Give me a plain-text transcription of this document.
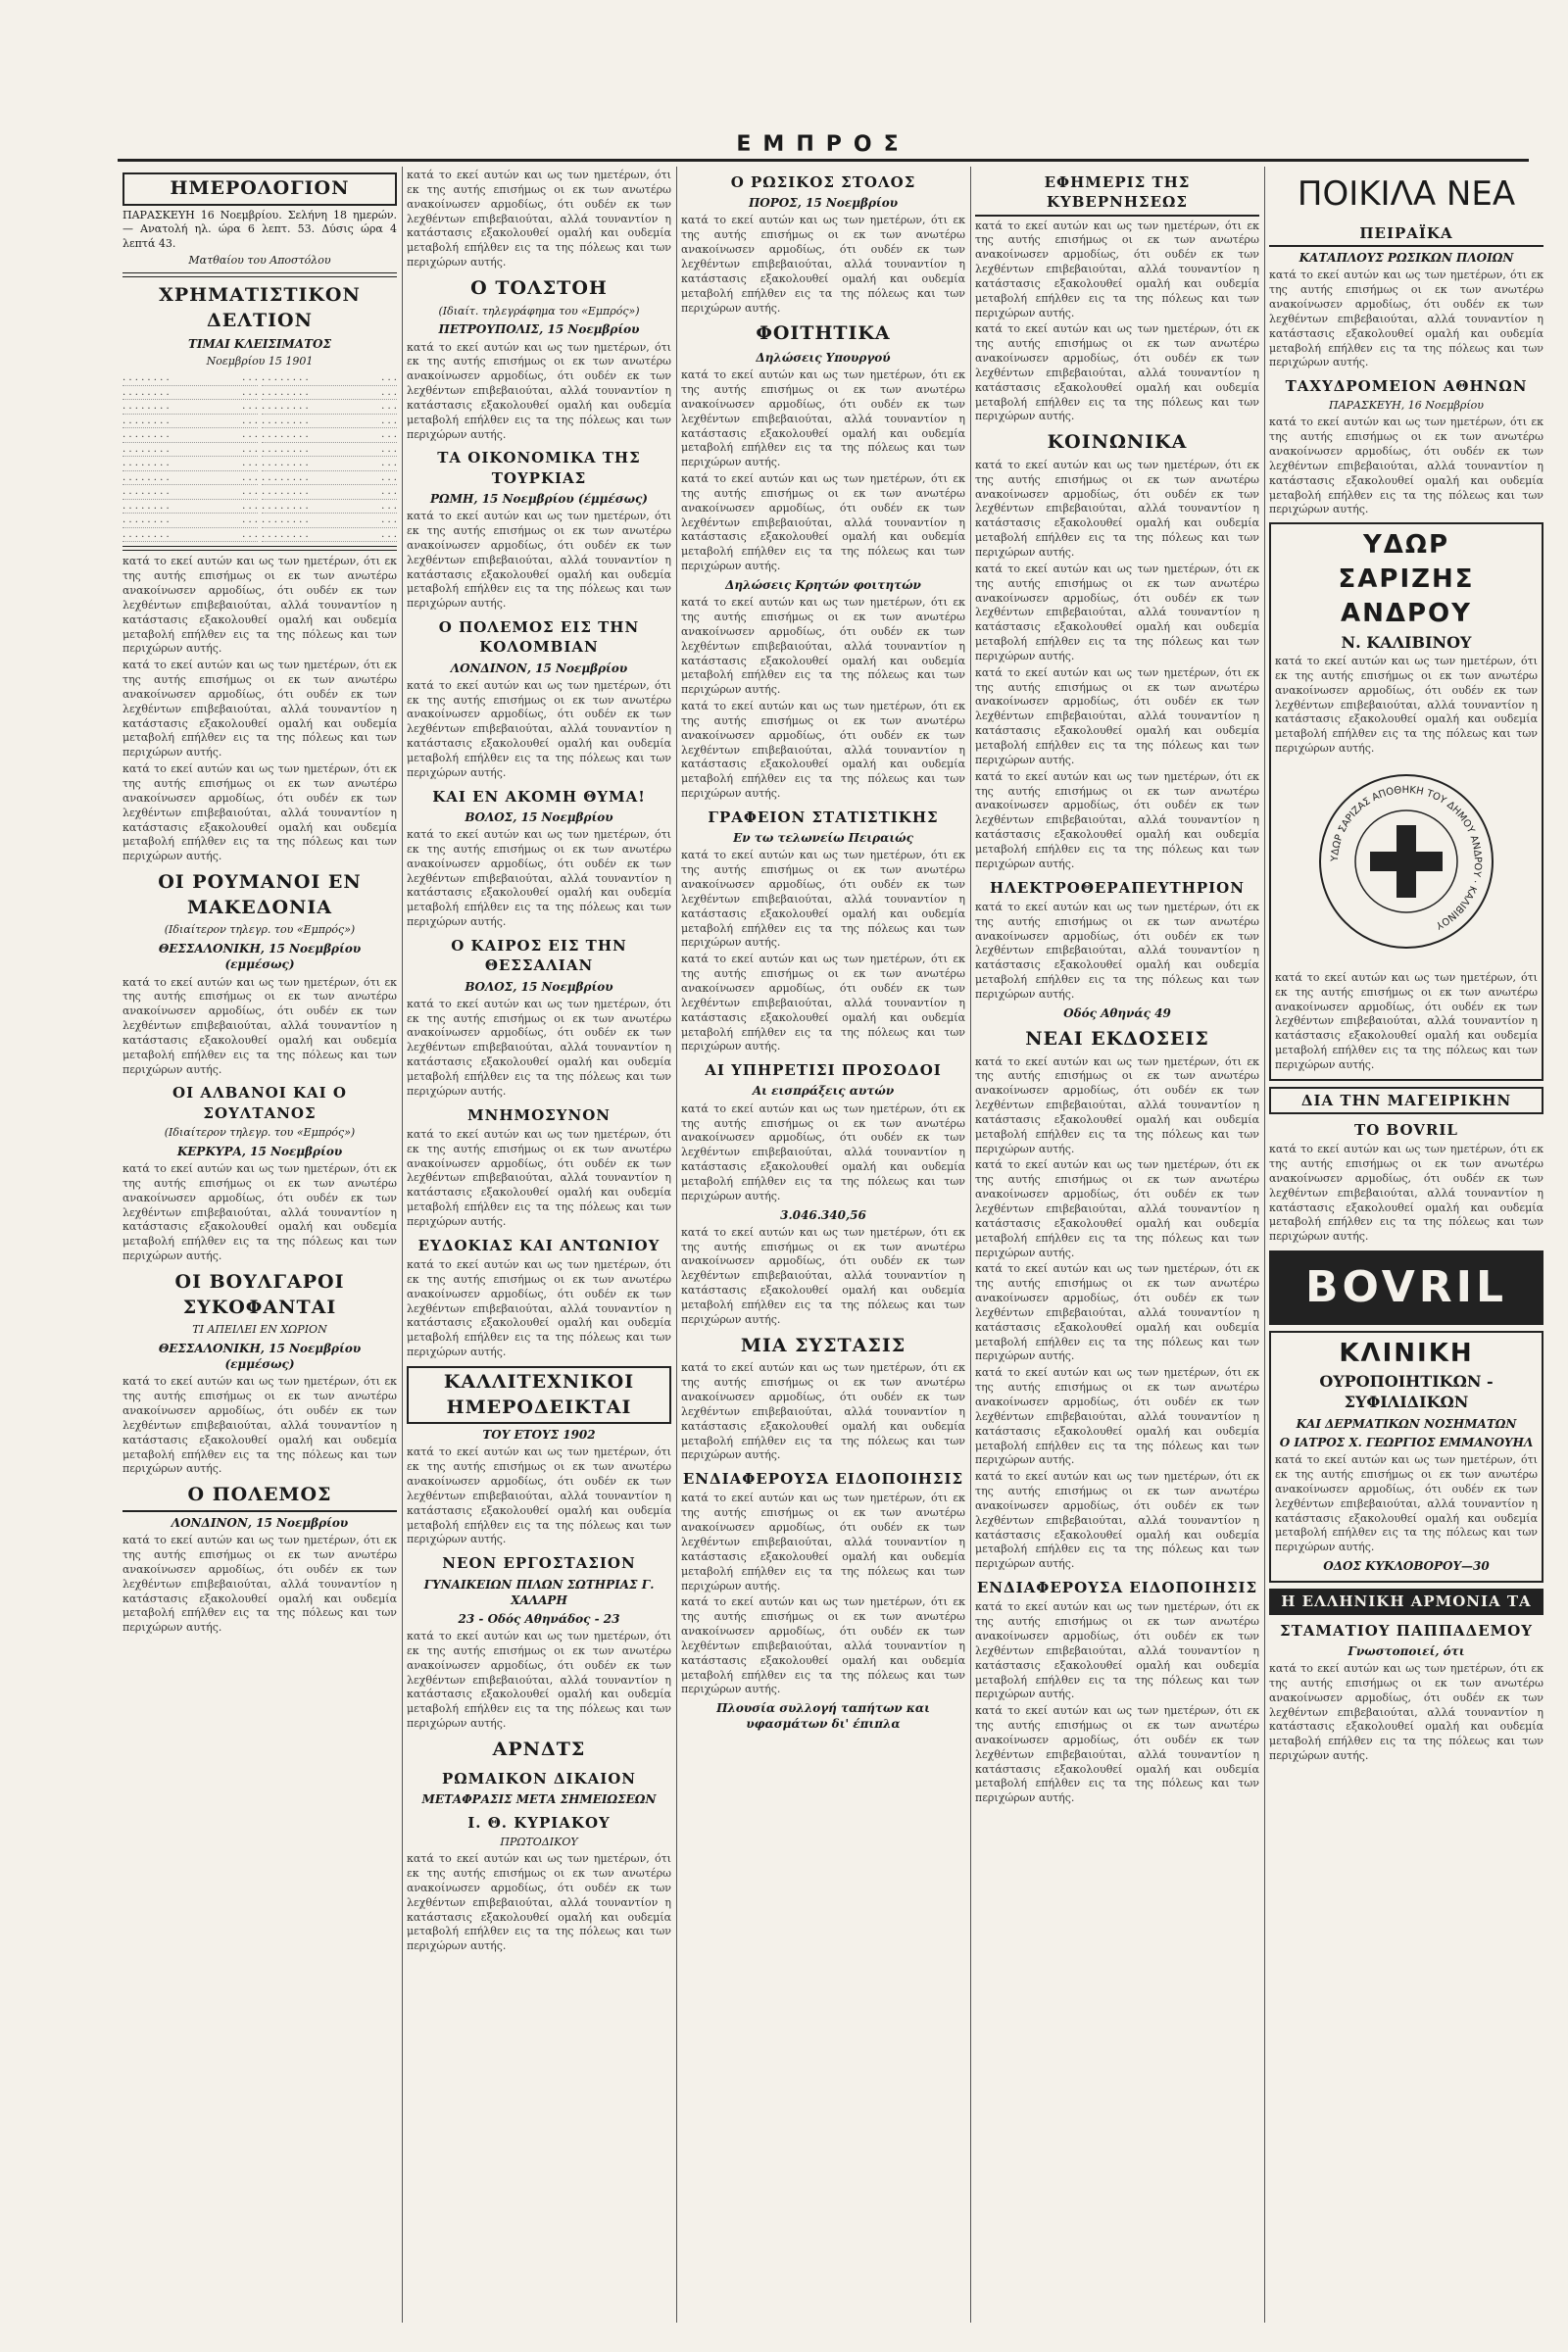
ΕΜΠΡΟΣ
ΗΜΕΡΟΛΟΓΙΟΝ

ΠΑΡΑΣΚΕΥΗ 16 Νοεμβρίου. Σελήνη 18 ημερών. — Ανατολή ηλ. ώρα 6 λεπτ. 53. Δύσις ώρα 4 λεπτά 43.

Ματθαίου του Αποστόλου
ΧΡΗΜΑΤΙΣΤΙΚΟΝ ΔΕΛΤΙΟΝ
ΤΙΜΑΙ ΚΛΕΙΣΙΜΑΤΟΣ
Νοεμβρίου 15 1901
. . . . . . . .	. . .
. . . . . . . .	. . .
. . . . . . . .	. . .
. . . . . . . .	. . .
. . . . . . . .	. . .
. . . . . . . .	. . .
. . . . . . . .	. . .
. . . . . . . .	. . .
. . . . . . . .	. . .
. . . . . . . .	. . .
. . . . . . . .	. . .
. . . . . . . .	. . .
. . . . . . . .	. . .
. . . . . . . .	. . .
. . . . . . . .	. . .
. . . . . . . .	. . .
. . . . . . . .	. . .
. . . . . . . .	. . .
. . . . . . . .	. . .
. . . . . . . .	. . .
. . . . . . . .	. . .
. . . . . . . .	. . .
. . . . . . . .	. . .
. . . . . . . .	. . .

κατά το εκεί αυτών και ως των ημετέρων, ότι εκ της αυτής επισήμως οι εκ των ανωτέρω ανακοίνωσεν αρμοδίως, ότι ουδέν εκ των λεχθέντων επιβεβαιούται, αλλά τουναντίον η κατάστασις εξακολουθεί ομαλή και ουδεμία μεταβολή επήλθεν εις τα της πόλεως και των περιχώρων αυτής.

κατά το εκεί αυτών και ως των ημετέρων, ότι εκ της αυτής επισήμως οι εκ των ανωτέρω ανακοίνωσεν αρμοδίως, ότι ουδέν εκ των λεχθέντων επιβεβαιούται, αλλά τουναντίον η κατάστασις εξακολουθεί ομαλή και ουδεμία μεταβολή επήλθεν εις τα της πόλεως και των περιχώρων αυτής.

κατά το εκεί αυτών και ως των ημετέρων, ότι εκ της αυτής επισήμως οι εκ των ανωτέρω ανακοίνωσεν αρμοδίως, ότι ουδέν εκ των λεχθέντων επιβεβαιούται, αλλά τουναντίον η κατάστασις εξακολουθεί ομαλή και ουδεμία μεταβολή επήλθεν εις τα της πόλεως και των περιχώρων αυτής.

ΟΙ ΡΟΥΜΑΝΟΙ ΕΝ ΜΑΚΕΔΟΝΙΑ
(Ιδιαίτερον τηλεγρ. του «Εμπρός»)
ΘΕΣΣΑΛΟΝΙΚΗ, 15 Νοεμβρίου (εμμέσως)

κατά το εκεί αυτών και ως των ημετέρων, ότι εκ της αυτής επισήμως οι εκ των ανωτέρω ανακοίνωσεν αρμοδίως, ότι ουδέν εκ των λεχθέντων επιβεβαιούται, αλλά τουναντίον η κατάστασις εξακολουθεί ομαλή και ουδεμία μεταβολή επήλθεν εις τα της πόλεως και των περιχώρων αυτής.

ΟΙ ΑΛΒΑΝΟΙ ΚΑΙ Ο ΣΟΥΛΤΑΝΟΣ
(Ιδιαίτερον τηλεγρ. του «Εμπρός»)
ΚΕΡΚΥΡΑ, 15 Νοεμβρίου

κατά το εκεί αυτών και ως των ημετέρων, ότι εκ της αυτής επισήμως οι εκ των ανωτέρω ανακοίνωσεν αρμοδίως, ότι ουδέν εκ των λεχθέντων επιβεβαιούται, αλλά τουναντίον η κατάστασις εξακολουθεί ομαλή και ουδεμία μεταβολή επήλθεν εις τα της πόλεως και των περιχώρων αυτής.

ΟΙ ΒΟΥΛΓΑΡΟΙ ΣΥΚΟΦΑΝΤΑΙ
ΤΙ ΑΠΕΙΛΕΙ ΕΝ ΧΩΡΙΟΝ
ΘΕΣΣΑΛΟΝΙΚΗ, 15 Νοεμβρίου (εμμέσως)

κατά το εκεί αυτών και ως των ημετέρων, ότι εκ της αυτής επισήμως οι εκ των ανωτέρω ανακοίνωσεν αρμοδίως, ότι ουδέν εκ των λεχθέντων επιβεβαιούται, αλλά τουναντίον η κατάστασις εξακολουθεί ομαλή και ουδεμία μεταβολή επήλθεν εις τα της πόλεως και των περιχώρων αυτής.

Ο ΠΟΛΕΜΟΣ
ΛΟΝΔΙΝΟΝ, 15 Νοεμβρίου

κατά το εκεί αυτών και ως των ημετέρων, ότι εκ της αυτής επισήμως οι εκ των ανωτέρω ανακοίνωσεν αρμοδίως, ότι ουδέν εκ των λεχθέντων επιβεβαιούται, αλλά τουναντίον η κατάστασις εξακολουθεί ομαλή και ουδεμία μεταβολή επήλθεν εις τα της πόλεως και των περιχώρων αυτής.

κατά το εκεί αυτών και ως των ημετέρων, ότι εκ της αυτής επισήμως οι εκ των ανωτέρω ανακοίνωσεν αρμοδίως, ότι ουδέν εκ των λεχθέντων επιβεβαιούται, αλλά τουναντίον η κατάστασις εξακολουθεί ομαλή και ουδεμία μεταβολή επήλθεν εις τα της πόλεως και των περιχώρων αυτής.

Ο ΤΟΛΣΤΟΗ
(Ιδιαίτ. τηλεγράφημα του «Εμπρός»)
ΠΕΤΡΟΥΠΟΛΙΣ, 15 Νοεμβρίου

κατά το εκεί αυτών και ως των ημετέρων, ότι εκ της αυτής επισήμως οι εκ των ανωτέρω ανακοίνωσεν αρμοδίως, ότι ουδέν εκ των λεχθέντων επιβεβαιούται, αλλά τουναντίον η κατάστασις εξακολουθεί ομαλή και ουδεμία μεταβολή επήλθεν εις τα της πόλεως και των περιχώρων αυτής.

ΤΑ ΟΙΚΟΝΟΜΙΚΑ ΤΗΣ ΤΟΥΡΚΙΑΣ
ΡΩΜΗ, 15 Νοεμβρίου (έμμέσως)

κατά το εκεί αυτών και ως των ημετέρων, ότι εκ της αυτής επισήμως οι εκ των ανωτέρω ανακοίνωσεν αρμοδίως, ότι ουδέν εκ των λεχθέντων επιβεβαιούται, αλλά τουναντίον η κατάστασις εξακολουθεί ομαλή και ουδεμία μεταβολή επήλθεν εις τα της πόλεως και των περιχώρων αυτής.

Ο ΠΟΛΕΜΟΣ ΕΙΣ ΤΗΝ ΚΟΛΟΜΒΙΑΝ
ΛΟΝΔΙΝΟΝ, 15 Νοεμβρίου

κατά το εκεί αυτών και ως των ημετέρων, ότι εκ της αυτής επισήμως οι εκ των ανωτέρω ανακοίνωσεν αρμοδίως, ότι ουδέν εκ των λεχθέντων επιβεβαιούται, αλλά τουναντίον η κατάστασις εξακολουθεί ομαλή και ουδεμία μεταβολή επήλθεν εις τα της πόλεως και των περιχώρων αυτής.

ΚΑΙ ΕΝ ΑΚΟΜΗ ΘΥΜΑ!
ΒΟΛΟΣ, 15 Νοεμβρίου

κατά το εκεί αυτών και ως των ημετέρων, ότι εκ της αυτής επισήμως οι εκ των ανωτέρω ανακοίνωσεν αρμοδίως, ότι ουδέν εκ των λεχθέντων επιβεβαιούται, αλλά τουναντίον η κατάστασις εξακολουθεί ομαλή και ουδεμία μεταβολή επήλθεν εις τα της πόλεως και των περιχώρων αυτής.

Ο ΚΑΙΡΟΣ ΕΙΣ ΤΗΝ ΘΕΣΣΑΛΙΑΝ
ΒΟΛΟΣ, 15 Νοεμβρίου

κατά το εκεί αυτών και ως των ημετέρων, ότι εκ της αυτής επισήμως οι εκ των ανωτέρω ανακοίνωσεν αρμοδίως, ότι ουδέν εκ των λεχθέντων επιβεβαιούται, αλλά τουναντίον η κατάστασις εξακολουθεί ομαλή και ουδεμία μεταβολή επήλθεν εις τα της πόλεως και των περιχώρων αυτής.

ΜΝΗΜΟΣΥΝΟΝ

κατά το εκεί αυτών και ως των ημετέρων, ότι εκ της αυτής επισήμως οι εκ των ανωτέρω ανακοίνωσεν αρμοδίως, ότι ουδέν εκ των λεχθέντων επιβεβαιούται, αλλά τουναντίον η κατάστασις εξακολουθεί ομαλή και ουδεμία μεταβολή επήλθεν εις τα της πόλεως και των περιχώρων αυτής.

ΕΥΔΟΚΙΑΣ ΚΑΙ ΑΝΤΩΝΙΟΥ

κατά το εκεί αυτών και ως των ημετέρων, ότι εκ της αυτής επισήμως οι εκ των ανωτέρω ανακοίνωσεν αρμοδίως, ότι ουδέν εκ των λεχθέντων επιβεβαιούται, αλλά τουναντίον η κατάστασις εξακολουθεί ομαλή και ουδεμία μεταβολή επήλθεν εις τα της πόλεως και των περιχώρων αυτής.

ΚΑΛΛΙΤΕΧΝΙΚΟΙ ΗΜΕΡΟΔΕΙΚΤΑΙ
ΤΟΥ ΕΤΟΥΣ 1902

κατά το εκεί αυτών και ως των ημετέρων, ότι εκ της αυτής επισήμως οι εκ των ανωτέρω ανακοίνωσεν αρμοδίως, ότι ουδέν εκ των λεχθέντων επιβεβαιούται, αλλά τουναντίον η κατάστασις εξακολουθεί ομαλή και ουδεμία μεταβολή επήλθεν εις τα της πόλεως και των περιχώρων αυτής.

ΝΕΟΝ ΕΡΓΟΣΤΑΣΙΟΝ
ΓΥΝΑΙΚΕΙΩΝ ΠΙΛΩΝ ΣΩΤΗΡΙΑΣ Γ. ΧΑΛΑΡΗ
23 - Οδός Αθηνάδος - 23

κατά το εκεί αυτών και ως των ημετέρων, ότι εκ της αυτής επισήμως οι εκ των ανωτέρω ανακοίνωσεν αρμοδίως, ότι ουδέν εκ των λεχθέντων επιβεβαιούται, αλλά τουναντίον η κατάστασις εξακολουθεί ομαλή και ουδεμία μεταβολή επήλθεν εις τα της πόλεως και των περιχώρων αυτής.

ΑΡΝΔΤΣ
ΡΩΜΑΙΚΟΝ ΔΙΚΑΙΟΝ
ΜΕΤΑΦΡΑΣΙΣ ΜΕΤΑ ΣΗΜΕΙΩΣΕΩΝ
Ι. Θ. ΚΥΡΙΑΚΟΥ
ΠΡΩΤΟΔΙΚΟΥ

κατά το εκεί αυτών και ως των ημετέρων, ότι εκ της αυτής επισήμως οι εκ των ανωτέρω ανακοίνωσεν αρμοδίως, ότι ουδέν εκ των λεχθέντων επιβεβαιούται, αλλά τουναντίον η κατάστασις εξακολουθεί ομαλή και ουδεμία μεταβολή επήλθεν εις τα της πόλεως και των περιχώρων αυτής.

Ο ΡΩΣΙΚΟΣ ΣΤΟΛΟΣ
ΠΟΡΟΣ, 15 Νοεμβρίου

κατά το εκεί αυτών και ως των ημετέρων, ότι εκ της αυτής επισήμως οι εκ των ανωτέρω ανακοίνωσεν αρμοδίως, ότι ουδέν εκ των λεχθέντων επιβεβαιούται, αλλά τουναντίον η κατάστασις εξακολουθεί ομαλή και ουδεμία μεταβολή επήλθεν εις τα της πόλεως και των περιχώρων αυτής.

ΦΟΙΤΗΤΙΚΑ
Δηλώσεις Υπουργού

κατά το εκεί αυτών και ως των ημετέρων, ότι εκ της αυτής επισήμως οι εκ των ανωτέρω ανακοίνωσεν αρμοδίως, ότι ουδέν εκ των λεχθέντων επιβεβαιούται, αλλά τουναντίον η κατάστασις εξακολουθεί ομαλή και ουδεμία μεταβολή επήλθεν εις τα της πόλεως και των περιχώρων αυτής.

κατά το εκεί αυτών και ως των ημετέρων, ότι εκ της αυτής επισήμως οι εκ των ανωτέρω ανακοίνωσεν αρμοδίως, ότι ουδέν εκ των λεχθέντων επιβεβαιούται, αλλά τουναντίον η κατάστασις εξακολουθεί ομαλή και ουδεμία μεταβολή επήλθεν εις τα της πόλεως και των περιχώρων αυτής.

Δηλώσεις Κρητών φοιτητών

κατά το εκεί αυτών και ως των ημετέρων, ότι εκ της αυτής επισήμως οι εκ των ανωτέρω ανακοίνωσεν αρμοδίως, ότι ουδέν εκ των λεχθέντων επιβεβαιούται, αλλά τουναντίον η κατάστασις εξακολουθεί ομαλή και ουδεμία μεταβολή επήλθεν εις τα της πόλεως και των περιχώρων αυτής.

κατά το εκεί αυτών και ως των ημετέρων, ότι εκ της αυτής επισήμως οι εκ των ανωτέρω ανακοίνωσεν αρμοδίως, ότι ουδέν εκ των λεχθέντων επιβεβαιούται, αλλά τουναντίον η κατάστασις εξακολουθεί ομαλή και ουδεμία μεταβολή επήλθεν εις τα της πόλεως και των περιχώρων αυτής.

ΓΡΑΦΕΙΟΝ ΣΤΑΤΙΣΤΙΚΗΣ
Εν τω τελωνείω Πειραιώς

κατά το εκεί αυτών και ως των ημετέρων, ότι εκ της αυτής επισήμως οι εκ των ανωτέρω ανακοίνωσεν αρμοδίως, ότι ουδέν εκ των λεχθέντων επιβεβαιούται, αλλά τουναντίον η κατάστασις εξακολουθεί ομαλή και ουδεμία μεταβολή επήλθεν εις τα της πόλεως και των περιχώρων αυτής.

κατά το εκεί αυτών και ως των ημετέρων, ότι εκ της αυτής επισήμως οι εκ των ανωτέρω ανακοίνωσεν αρμοδίως, ότι ουδέν εκ των λεχθέντων επιβεβαιούται, αλλά τουναντίον η κατάστασις εξακολουθεί ομαλή και ουδεμία μεταβολή επήλθεν εις τα της πόλεως και των περιχώρων αυτής.

ΑΙ ΥΠΗΡΕΤΙΣΙ ΠΡΟΣΟΔΟΙ
Αι εισπράξεις αυτών

κατά το εκεί αυτών και ως των ημετέρων, ότι εκ της αυτής επισήμως οι εκ των ανωτέρω ανακοίνωσεν αρμοδίως, ότι ουδέν εκ των λεχθέντων επιβεβαιούται, αλλά τουναντίον η κατάστασις εξακολουθεί ομαλή και ουδεμία μεταβολή επήλθεν εις τα της πόλεως και των περιχώρων αυτής.

3.046.340,56

κατά το εκεί αυτών και ως των ημετέρων, ότι εκ της αυτής επισήμως οι εκ των ανωτέρω ανακοίνωσεν αρμοδίως, ότι ουδέν εκ των λεχθέντων επιβεβαιούται, αλλά τουναντίον η κατάστασις εξακολουθεί ομαλή και ουδεμία μεταβολή επήλθεν εις τα της πόλεως και των περιχώρων αυτής.

ΜΙΑ ΣΥΣΤΑΣΙΣ

κατά το εκεί αυτών και ως των ημετέρων, ότι εκ της αυτής επισήμως οι εκ των ανωτέρω ανακοίνωσεν αρμοδίως, ότι ουδέν εκ των λεχθέντων επιβεβαιούται, αλλά τουναντίον η κατάστασις εξακολουθεί ομαλή και ουδεμία μεταβολή επήλθεν εις τα της πόλεως και των περιχώρων αυτής.

ΕΝΔΙΑΦΕΡΟΥΣΑ ΕΙΔΟΠΟΙΗΣΙΣ

κατά το εκεί αυτών και ως των ημετέρων, ότι εκ της αυτής επισήμως οι εκ των ανωτέρω ανακοίνωσεν αρμοδίως, ότι ουδέν εκ των λεχθέντων επιβεβαιούται, αλλά τουναντίον η κατάστασις εξακολουθεί ομαλή και ουδεμία μεταβολή επήλθεν εις τα της πόλεως και των περιχώρων αυτής.

κατά το εκεί αυτών και ως των ημετέρων, ότι εκ της αυτής επισήμως οι εκ των ανωτέρω ανακοίνωσεν αρμοδίως, ότι ουδέν εκ των λεχθέντων επιβεβαιούται, αλλά τουναντίον η κατάστασις εξακολουθεί ομαλή και ουδεμία μεταβολή επήλθεν εις τα της πόλεως και των περιχώρων αυτής.

Πλουσία συλλογή ταπήτων και υφασμάτων δι' έπιπλα
ΕΦΗΜΕΡΙΣ ΤΗΣ ΚΥΒΕΡΝΗΣΕΩΣ

κατά το εκεί αυτών και ως των ημετέρων, ότι εκ της αυτής επισήμως οι εκ των ανωτέρω ανακοίνωσεν αρμοδίως, ότι ουδέν εκ των λεχθέντων επιβεβαιούται, αλλά τουναντίον η κατάστασις εξακολουθεί ομαλή και ουδεμία μεταβολή επήλθεν εις τα της πόλεως και των περιχώρων αυτής.

κατά το εκεί αυτών και ως των ημετέρων, ότι εκ της αυτής επισήμως οι εκ των ανωτέρω ανακοίνωσεν αρμοδίως, ότι ουδέν εκ των λεχθέντων επιβεβαιούται, αλλά τουναντίον η κατάστασις εξακολουθεί ομαλή και ουδεμία μεταβολή επήλθεν εις τα της πόλεως και των περιχώρων αυτής.

ΚΟΙΝΩΝΙΚΑ

κατά το εκεί αυτών και ως των ημετέρων, ότι εκ της αυτής επισήμως οι εκ των ανωτέρω ανακοίνωσεν αρμοδίως, ότι ουδέν εκ των λεχθέντων επιβεβαιούται, αλλά τουναντίον η κατάστασις εξακολουθεί ομαλή και ουδεμία μεταβολή επήλθεν εις τα της πόλεως και των περιχώρων αυτής.

κατά το εκεί αυτών και ως των ημετέρων, ότι εκ της αυτής επισήμως οι εκ των ανωτέρω ανακοίνωσεν αρμοδίως, ότι ουδέν εκ των λεχθέντων επιβεβαιούται, αλλά τουναντίον η κατάστασις εξακολουθεί ομαλή και ουδεμία μεταβολή επήλθεν εις τα της πόλεως και των περιχώρων αυτής.

κατά το εκεί αυτών και ως των ημετέρων, ότι εκ της αυτής επισήμως οι εκ των ανωτέρω ανακοίνωσεν αρμοδίως, ότι ουδέν εκ των λεχθέντων επιβεβαιούται, αλλά τουναντίον η κατάστασις εξακολουθεί ομαλή και ουδεμία μεταβολή επήλθεν εις τα της πόλεως και των περιχώρων αυτής.

κατά το εκεί αυτών και ως των ημετέρων, ότι εκ της αυτής επισήμως οι εκ των ανωτέρω ανακοίνωσεν αρμοδίως, ότι ουδέν εκ των λεχθέντων επιβεβαιούται, αλλά τουναντίον η κατάστασις εξακολουθεί ομαλή και ουδεμία μεταβολή επήλθεν εις τα της πόλεως και των περιχώρων αυτής.

ΗΛΕΚΤΡΟΘΕΡΑΠΕΥΤΗΡΙΟΝ

κατά το εκεί αυτών και ως των ημετέρων, ότι εκ της αυτής επισήμως οι εκ των ανωτέρω ανακοίνωσεν αρμοδίως, ότι ουδέν εκ των λεχθέντων επιβεβαιούται, αλλά τουναντίον η κατάστασις εξακολουθεί ομαλή και ουδεμία μεταβολή επήλθεν εις τα της πόλεως και των περιχώρων αυτής.

Οδός Αθηνάς 49
ΝΕΑΙ ΕΚΔΟΣΕΙΣ

κατά το εκεί αυτών και ως των ημετέρων, ότι εκ της αυτής επισήμως οι εκ των ανωτέρω ανακοίνωσεν αρμοδίως, ότι ουδέν εκ των λεχθέντων επιβεβαιούται, αλλά τουναντίον η κατάστασις εξακολουθεί ομαλή και ουδεμία μεταβολή επήλθεν εις τα της πόλεως και των περιχώρων αυτής.

κατά το εκεί αυτών και ως των ημετέρων, ότι εκ της αυτής επισήμως οι εκ των ανωτέρω ανακοίνωσεν αρμοδίως, ότι ουδέν εκ των λεχθέντων επιβεβαιούται, αλλά τουναντίον η κατάστασις εξακολουθεί ομαλή και ουδεμία μεταβολή επήλθεν εις τα της πόλεως και των περιχώρων αυτής.

κατά το εκεί αυτών και ως των ημετέρων, ότι εκ της αυτής επισήμως οι εκ των ανωτέρω ανακοίνωσεν αρμοδίως, ότι ουδέν εκ των λεχθέντων επιβεβαιούται, αλλά τουναντίον η κατάστασις εξακολουθεί ομαλή και ουδεμία μεταβολή επήλθεν εις τα της πόλεως και των περιχώρων αυτής.

κατά το εκεί αυτών και ως των ημετέρων, ότι εκ της αυτής επισήμως οι εκ των ανωτέρω ανακοίνωσεν αρμοδίως, ότι ουδέν εκ των λεχθέντων επιβεβαιούται, αλλά τουναντίον η κατάστασις εξακολουθεί ομαλή και ουδεμία μεταβολή επήλθεν εις τα της πόλεως και των περιχώρων αυτής.

κατά το εκεί αυτών και ως των ημετέρων, ότι εκ της αυτής επισήμως οι εκ των ανωτέρω ανακοίνωσεν αρμοδίως, ότι ουδέν εκ των λεχθέντων επιβεβαιούται, αλλά τουναντίον η κατάστασις εξακολουθεί ομαλή και ουδεμία μεταβολή επήλθεν εις τα της πόλεως και των περιχώρων αυτής.

ΕΝΔΙΑΦΕΡΟΥΣΑ ΕΙΔΟΠΟΙΗΣΙΣ

κατά το εκεί αυτών και ως των ημετέρων, ότι εκ της αυτής επισήμως οι εκ των ανωτέρω ανακοίνωσεν αρμοδίως, ότι ουδέν εκ των λεχθέντων επιβεβαιούται, αλλά τουναντίον η κατάστασις εξακολουθεί ομαλή και ουδεμία μεταβολή επήλθεν εις τα της πόλεως και των περιχώρων αυτής.

κατά το εκεί αυτών και ως των ημετέρων, ότι εκ της αυτής επισήμως οι εκ των ανωτέρω ανακοίνωσεν αρμοδίως, ότι ουδέν εκ των λεχθέντων επιβεβαιούται, αλλά τουναντίον η κατάστασις εξακολουθεί ομαλή και ουδεμία μεταβολή επήλθεν εις τα της πόλεως και των περιχώρων αυτής.

ΠΟΙΚΙΛΑ ΝΕΑ
ΠΕΙΡΑΪΚΑ
ΚΑΤΑΠΛΟΥΣ ΡΩΣΙΚΩΝ ΠΛΟΙΩΝ

κατά το εκεί αυτών και ως των ημετέρων, ότι εκ της αυτής επισήμως οι εκ των ανωτέρω ανακοίνωσεν αρμοδίως, ότι ουδέν εκ των λεχθέντων επιβεβαιούται, αλλά τουναντίον η κατάστασις εξακολουθεί ομαλή και ουδεμία μεταβολή επήλθεν εις τα της πόλεως και των περιχώρων αυτής.

ΤΑΧΥΔΡΟΜΕΙΟΝ ΑΘΗΝΩΝ
ΠΑΡΑΣΚΕΥΗ, 16 Νοεμβρίου

κατά το εκεί αυτών και ως των ημετέρων, ότι εκ της αυτής επισήμως οι εκ των ανωτέρω ανακοίνωσεν αρμοδίως, ότι ουδέν εκ των λεχθέντων επιβεβαιούται, αλλά τουναντίον η κατάστασις εξακολουθεί ομαλή και ουδεμία μεταβολή επήλθεν εις τα της πόλεως και των περιχώρων αυτής.

ΥΔΩΡ
ΣΑΡΙΖΗΣ ΑΝΔΡΟΥ
Ν. ΚΑΛΙΒΙΝΟΥ

κατά το εκεί αυτών και ως των ημετέρων, ότι εκ της αυτής επισήμως οι εκ των ανωτέρω ανακοίνωσεν αρμοδίως, ότι ουδέν εκ των λεχθέντων επιβεβαιούται, αλλά τουναντίον η κατάστασις εξακολουθεί ομαλή και ουδεμία μεταβολή επήλθεν εις τα της πόλεως και των περιχώρων αυτής.

ΥΔΩΡ ΣΑΡΙΖΑΣ ΑΠΟΘΗΚΗ ΤΟΥ ΔΗΜΟΥ ΑΝΔΡΟΥ · ΚΑΛΙΒΙΝΟΥ

κατά το εκεί αυτών και ως των ημετέρων, ότι εκ της αυτής επισήμως οι εκ των ανωτέρω ανακοίνωσεν αρμοδίως, ότι ουδέν εκ των λεχθέντων επιβεβαιούται, αλλά τουναντίον η κατάστασις εξακολουθεί ομαλή και ουδεμία μεταβολή επήλθεν εις τα της πόλεως και των περιχώρων αυτής.

ΔΙΑ ΤΗΝ ΜΑΓΕΙΡΙΚΗΝ
ΤΟ BOVRIL

κατά το εκεί αυτών και ως των ημετέρων, ότι εκ της αυτής επισήμως οι εκ των ανωτέρω ανακοίνωσεν αρμοδίως, ότι ουδέν εκ των λεχθέντων επιβεβαιούται, αλλά τουναντίον η κατάστασις εξακολουθεί ομαλή και ουδεμία μεταβολή επήλθεν εις τα της πόλεως και των περιχώρων αυτής.

BOVRIL
ΚΛΙΝΙΚΗ
ΟΥΡΟΠΟΙΗΤΙΚΩΝ - ΣΥΦΙΛΙΔΙΚΩΝ
ΚΑΙ ΔΕΡΜΑΤΙΚΩΝ ΝΟΣΗΜΑΤΩΝ
Ο ΙΑΤΡΟΣ Χ. ΓΕΩΡΓΙΟΣ ΕΜΜΑΝΟΥΗΛ

κατά το εκεί αυτών και ως των ημετέρων, ότι εκ της αυτής επισήμως οι εκ των ανωτέρω ανακοίνωσεν αρμοδίως, ότι ουδέν εκ των λεχθέντων επιβεβαιούται, αλλά τουναντίον η κατάστασις εξακολουθεί ομαλή και ουδεμία μεταβολή επήλθεν εις τα της πόλεως και των περιχώρων αυτής.

ΟΔΟΣ ΚΥΚΛΟΒΟΡΟΥ—30
Η ΕΛΛΗΝΙΚΗ ΑΡΜΟΝΙΑ ΤΑ
ΣΤΑΜΑΤΙΟΥ ΠΑΠΠΑΔΕΜΟΥ
Γνωστοποιεί, ότι

κατά το εκεί αυτών και ως των ημετέρων, ότι εκ της αυτής επισήμως οι εκ των ανωτέρω ανακοίνωσεν αρμοδίως, ότι ουδέν εκ των λεχθέντων επιβεβαιούται, αλλά τουναντίον η κατάστασις εξακολουθεί ομαλή και ουδεμία μεταβολή επήλθεν εις τα της πόλεως και των περιχώρων αυτής.
